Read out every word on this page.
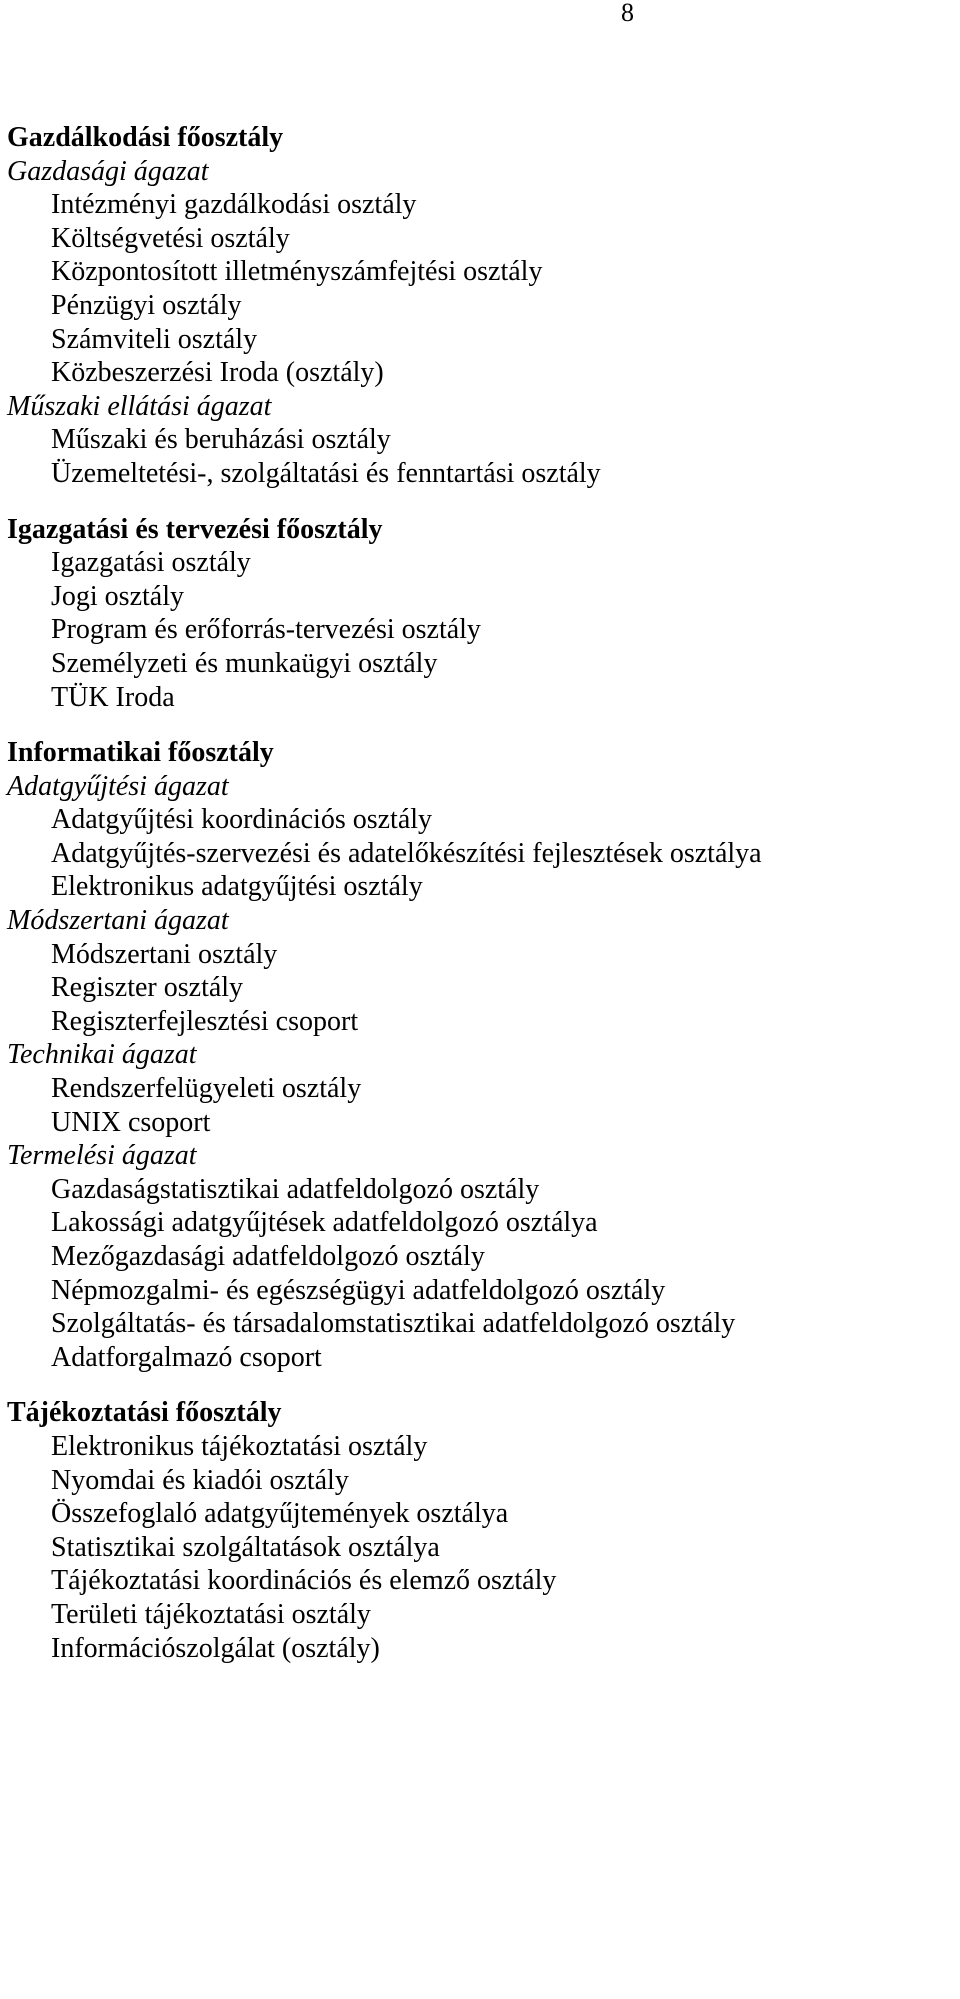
8
Gazdálkodási főosztály
Gazdasági ágazat
Intézményi gazdálkodási osztály
Költségvetési osztály
Központosított illetményszámfejtési osztály
Pénzügyi osztály
Számviteli osztály
Közbeszerzési Iroda (osztály)
Műszaki ellátási ágazat
Műszaki és beruházási osztály
Üzemeltetési-, szolgáltatási és fenntartási osztály
Igazgatási és tervezési főosztály
Igazgatási osztály
Jogi osztály
Program és erőforrás-tervezési osztály
Személyzeti és munkaügyi osztály
TÜK Iroda
Informatikai főosztály
Adatgyűjtési ágazat
Adatgyűjtési koordinációs osztály
Adatgyűjtés-szervezési és adatelőkészítési fejlesztések osztálya
Elektronikus adatgyűjtési osztály
Módszertani ágazat
Módszertani osztály
Regiszter osztály
Regiszterfejlesztési csoport
Technikai ágazat
Rendszerfelügyeleti osztály
UNIX csoport
Termelési ágazat
Gazdaságstatisztikai adatfeldolgozó osztály
Lakossági adatgyűjtések adatfeldolgozó osztálya
Mezőgazdasági adatfeldolgozó osztály
Népmozgalmi- és egészségügyi adatfeldolgozó osztály
Szolgáltatás- és társadalomstatisztikai adatfeldolgozó osztály
Adatforgalmazó csoport
Tájékoztatási főosztály
Elektronikus tájékoztatási osztály
Nyomdai és kiadói osztály
Összefoglaló adatgyűjtemények osztálya
Statisztikai szolgáltatások osztálya
Tájékoztatási koordinációs és elemző osztály
Területi tájékoztatási osztály
Információszolgálat (osztály)
